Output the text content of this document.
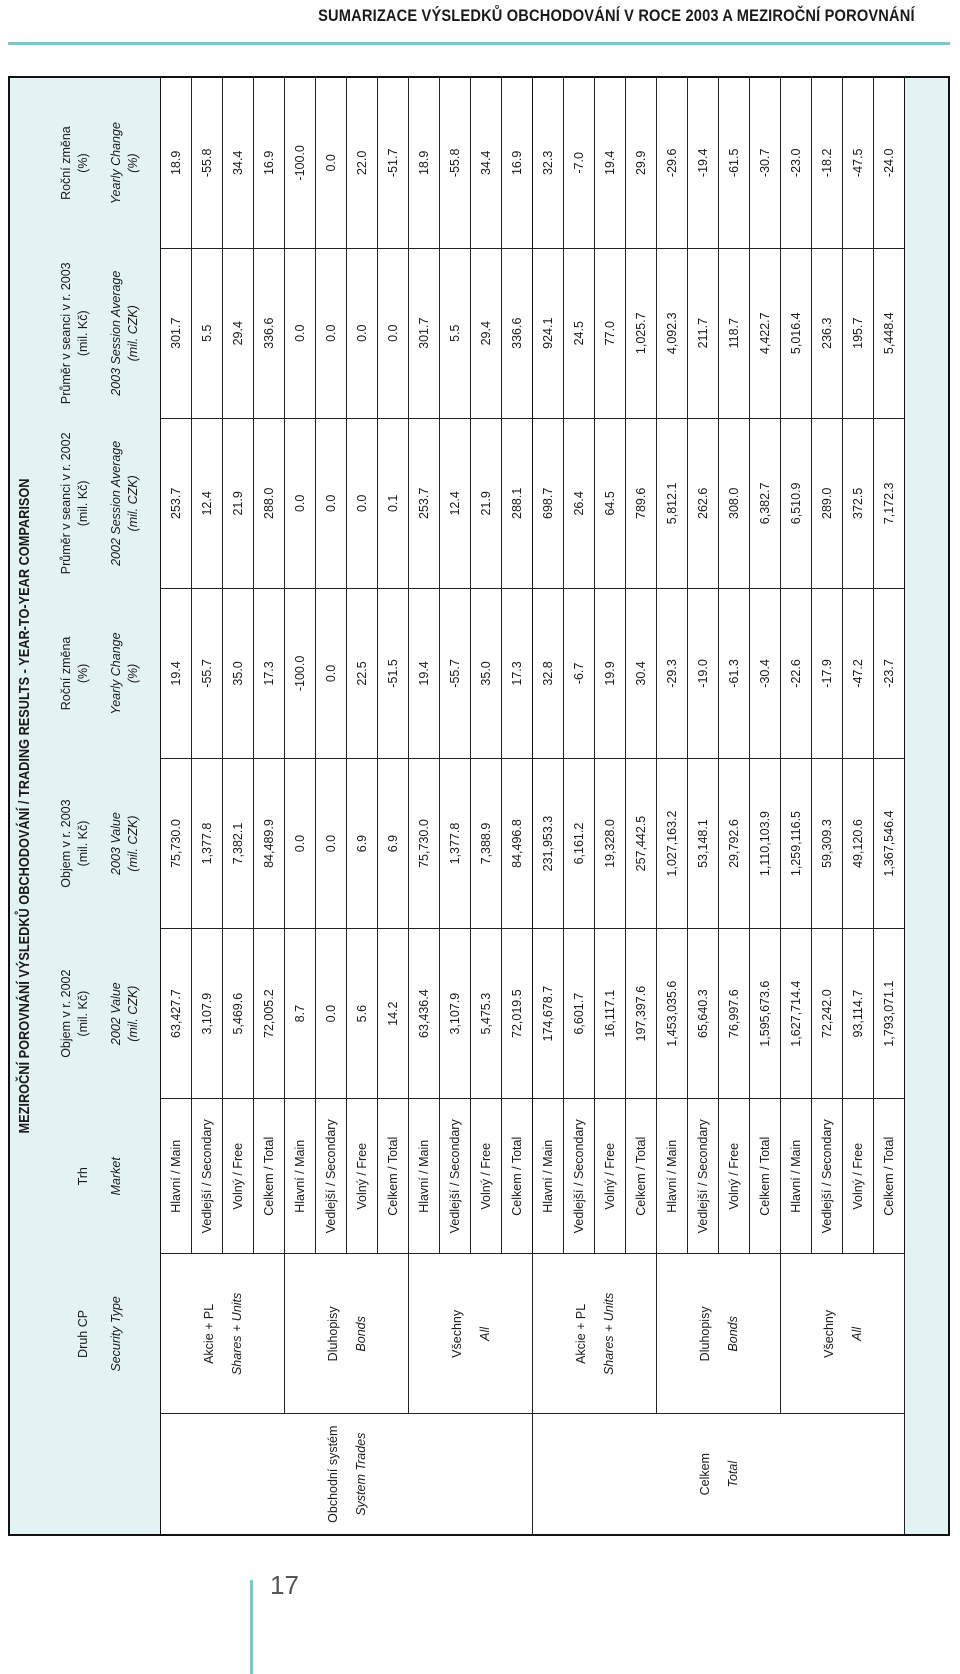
SUMARIZACE VÝSLEDKŮ OBCHODOVÁNÍ V ROCE 2003 A MEZIROČNÍ POROVNÁNÍ
MEZIROČNÍ POROVNÁNÍ VÝSLEDKŮ OBCHODOVÁNÍ / TRADING RESULTS - YEAR-TO-YEAR COMPARISON

	Druh CP Security Type	Trh Market	Objem v r. 2002 (mil. Kč) 2002 Value (mil. CZK)	Objem v r. 2003 (mil. Kč) 2003 Value (mil. CZK)	Roční změna (%) Yearly Change (%)	Průměr v seanci v r. 2002 (mil. Kč) 2002 Session Average (mil. CZK)	Průměr v seanci v r. 2003 (mil. Kč) 2003 Session Average (mil. CZK)	Roční změna (%) Yearly Change (%)

Obchodní systém System Trades	Akcie + PL Shares + Units	Hlavní / Main	63,427.7	75,730.0	19.4	253.7	301.7	18.9
		Vedlejší / Secondary	3,107.9	1,377.8	-55.7	12.4	5.5	-55.8
		Volný / Free	5,469.6	7,382.1	35.0	21.9	29.4	34.4
		Celkem / Total	72,005.2	84,489.9	17.3	288.0	336.6	16.9

	Dluhopisy Bonds	Hlavní / Main	8.7	0.0	-100.0	0.0	0.0	-100.0
		Vedlejší / Secondary	0.0	0.0	0.0	0.0	0.0	0.0
		Volný / Free	5.6	6.9	22.5	0.0	0.0	22.0
		Celkem / Total	14.2	6.9	-51.5	0.1	0.0	-51.7

	Všechny All	Hlavní / Main	63,436.4	75,730.0	19.4	253.7	301.7	18.9
		Vedlejší / Secondary	3,107.9	1,377.8	-55.7	12.4	5.5	-55.8
		Volný / Free	5,475.3	7,388.9	35.0	21.9	29.4	34.4
		Celkem / Total	72,019.5	84,496.8	17.3	288.1	336.6	16.9

Celkem Total	Akcie + PL Shares + Units	Hlavní / Main	174,678.7	231,953.3	32.8	698.7	924.1	32.3
		Vedlejší / Secondary	6,601.7	6,161.2	-6.7	26.4	24.5	-7.0
		Volný / Free	16,117.1	19,328.0	19.9	64.5	77.0	19.4
		Celkem / Total	197,397.6	257,442.5	30.4	789.6	1,025.7	29.9

	Dluhopisy Bonds	Hlavní / Main	1,453,035.6	1,027,163.2	-29.3	5,812.1	4,092.3	-29.6
		Vedlejší / Secondary	65,640.3	53,148.1	-19.0	262.6	211.7	-19.4
		Volný / Free	76,997.6	29,792.6	-61.3	308.0	118.7	-61.5
		Celkem / Total	1,595,673.6	1,110,103.9	-30.4	6,382.7	4,422.7	-30.7

	Všechny All	Hlavní / Main	1,627,714.4	1,259,116.5	-22.6	6,510.9	5,016.4	-23.0
		Vedlejší / Secondary	72,242.0	59,309.3	-17.9	289.0	236.3	-18.2
		Volný / Free	93,114.7	49,120.6	-47.2	372.5	195.7	-47.5
		Celkem / Total	1,793,071.1	1,367,546.4	-23.7	7,172.3	5,448.4	-24.0
17
